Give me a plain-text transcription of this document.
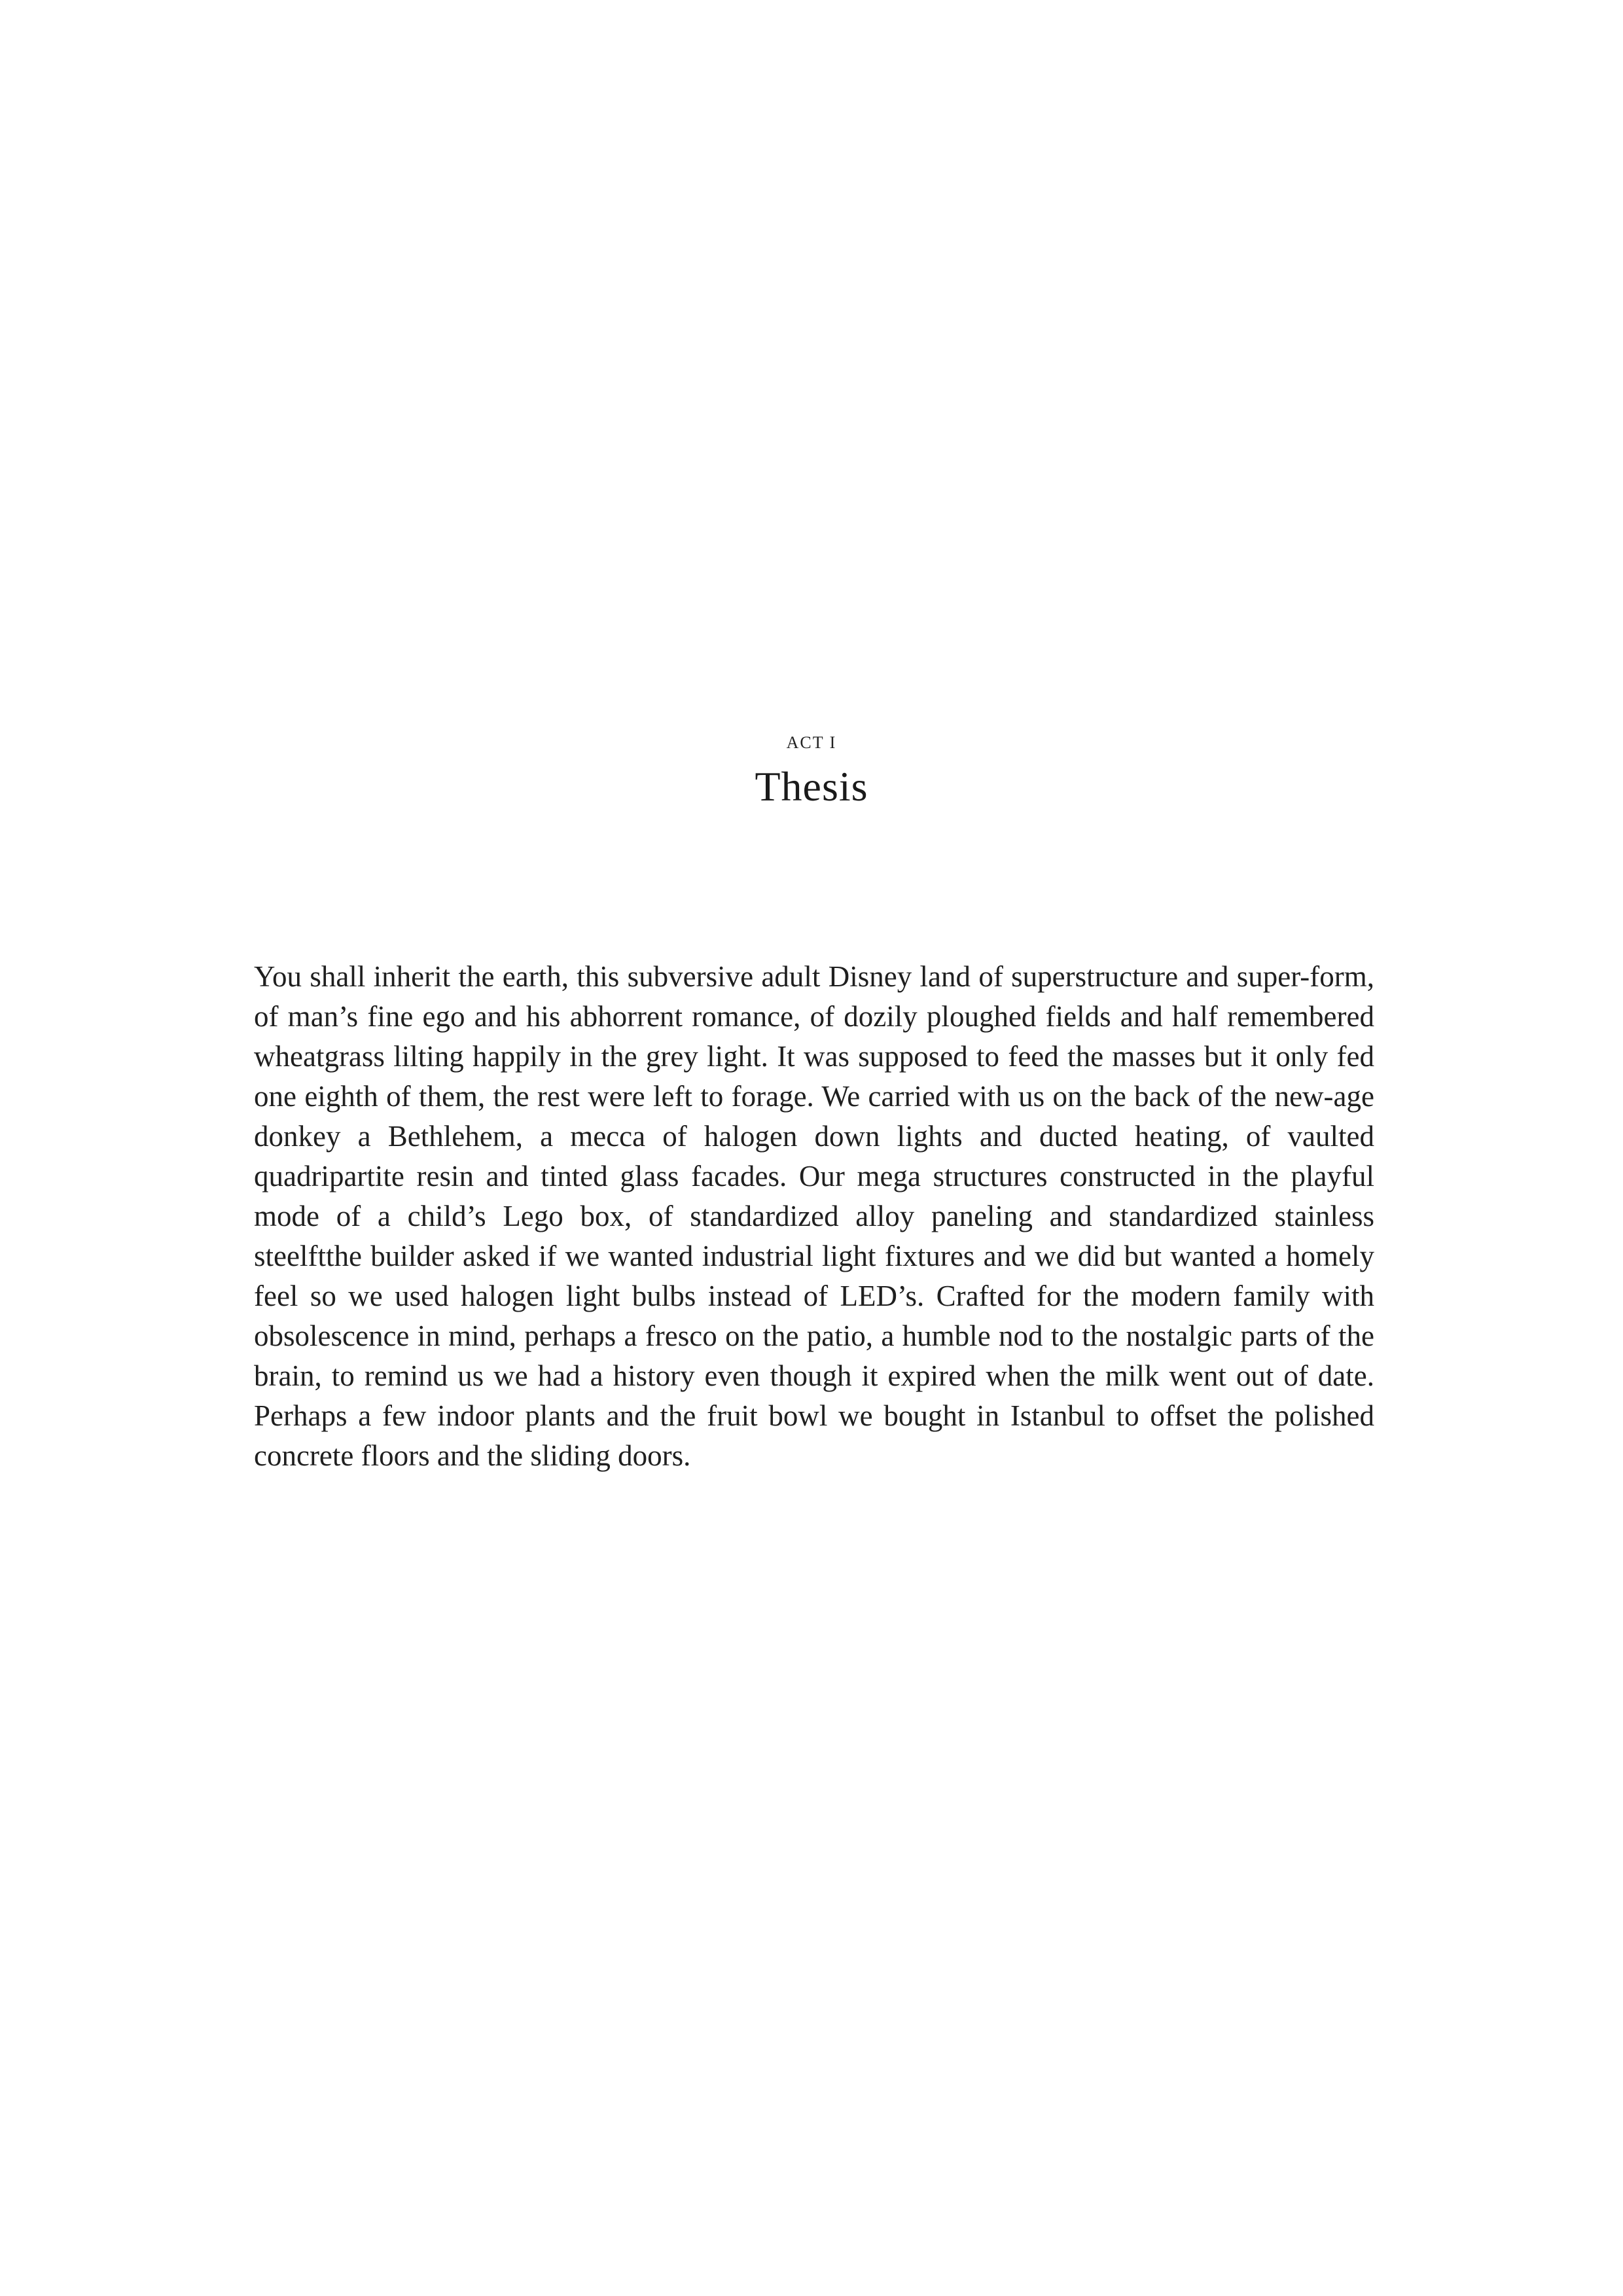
ACT I
Thesis

You shall inherit the earth, this subversive adult Disney land of superstructure and super-form, of man’s fine ego and his abhorrent romance, of dozily ploughed fields and half remembered wheatgrass lilting happily in the grey light. It was supposed to feed the masses but it only fed one eighth of them, the rest were left to forage. We carried with us on the back of the new-age donkey a Bethlehem, a mecca of halogen down lights and ducted heating, of vaulted quadripartite resin and tinted glass facades. Our mega structures constructed in the playful mode of a child’s Lego box, of standardized alloy paneling and standardized stainless steelftthe builder asked if we wanted industrial light fixtures and we did but wanted a homely feel so we used halogen light bulbs instead of LED’s. Crafted for the modern family with obsolescence in mind, perhaps a fresco on the patio, a humble nod to the nostalgic parts of the brain, to remind us we had a history even though it expired when the milk went out of date. Perhaps a few indoor plants and the fruit bowl we bought in Istanbul to offset the polished concrete floors and the sliding doors.
